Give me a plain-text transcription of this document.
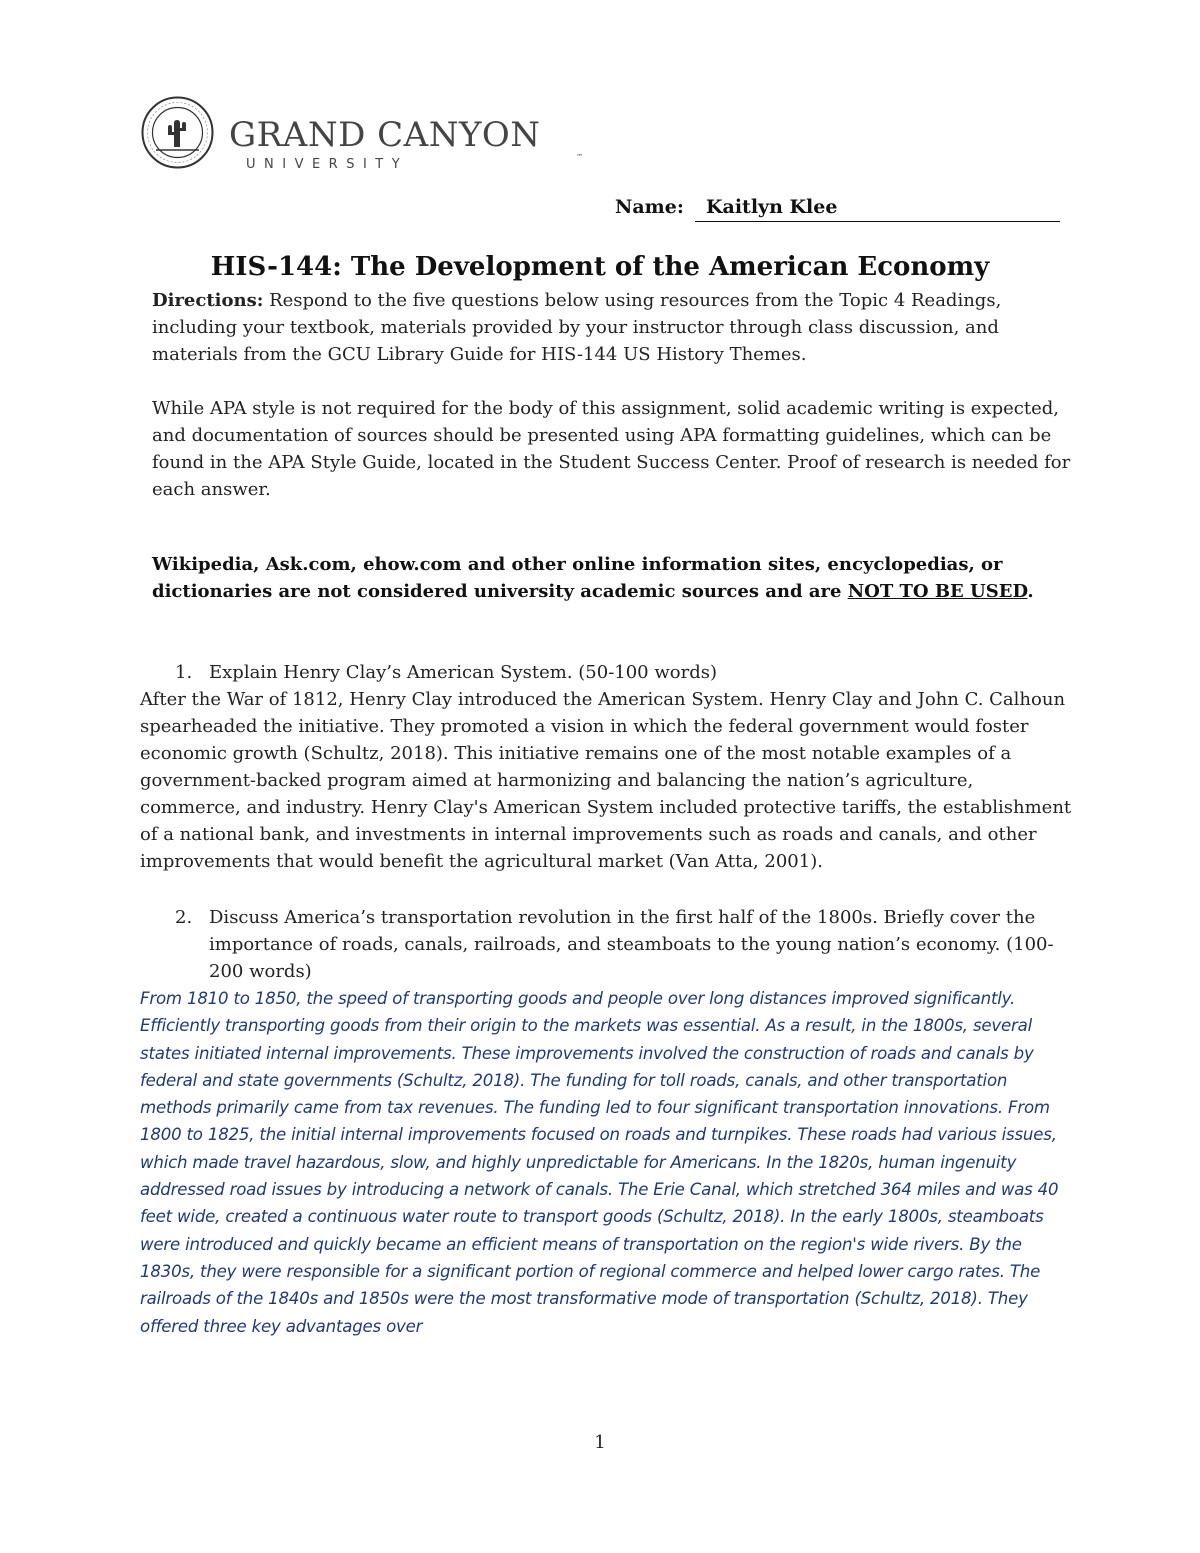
GRAND CANYON
UNIVERSITY	™
Name: Kaitlyn Klee
HIS-144: The Development of the American Economy
Directions: Respond to the five questions below using resources from the Topic 4 Readings, including your textbook, materials provided by your instructor through class discussion, and materials from the GCU Library Guide for HIS-144 US History Themes.
While APA style is not required for the body of this assignment, solid academic writing is expected, and documentation of sources should be presented using APA formatting guidelines, which can be found in the APA Style Guide, located in the Student Success Center. Proof of research is needed for each answer.
Wikipedia, Ask.com, ehow.com and other online information sites, encyclopedias, or dictionaries are not considered university academic sources and are NOT TO BE USED.
1. Explain Henry Clay’s American System. (50-100 words)
After the War of 1812, Henry Clay introduced the American System. Henry Clay and John C. Calhoun spearheaded the initiative. They promoted a vision in which the federal government would foster economic growth (Schultz, 2018). This initiative remains one of the most notable examples of a government-backed program aimed at harmonizing and balancing the nation’s agriculture, commerce, and industry. Henry Clay's American System included protective tariffs, the establishment of a national bank, and investments in internal improvements such as roads and canals, and other improvements that would benefit the agricultural market (Van Atta, 2001).
2. Discuss America’s transportation revolution in the first half of the 1800s. Briefly cover the importance of roads, canals, railroads, and steamboats to the young nation’s economy. (100-200 words)
From 1810 to 1850, the speed of transporting goods and people over long distances improved significantly. Efficiently transporting goods from their origin to the markets was essential. As a result, in the 1800s, several states initiated internal improvements. These improvements involved the construction of roads and canals by federal and state governments (Schultz, 2018). The funding for toll roads, canals, and other transportation methods primarily came from tax revenues. The funding led to four significant transportation innovations. From 1800 to 1825, the initial internal improvements focused on roads and turnpikes. These roads had various issues, which made travel hazardous, slow, and highly unpredictable for Americans. In the 1820s, human ingenuity addressed road issues by introducing a network of canals. The Erie Canal, which stretched 364 miles and was 40 feet wide, created a continuous water route to transport goods (Schultz, 2018). In the early 1800s, steamboats were introduced and quickly became an efficient means of transportation on the region's wide rivers. By the 1830s, they were responsible for a significant portion of regional commerce and helped lower cargo rates. The railroads of the 1840s and 1850s were the most transformative mode of transportation (Schultz, 2018). They offered three key advantages over
1
